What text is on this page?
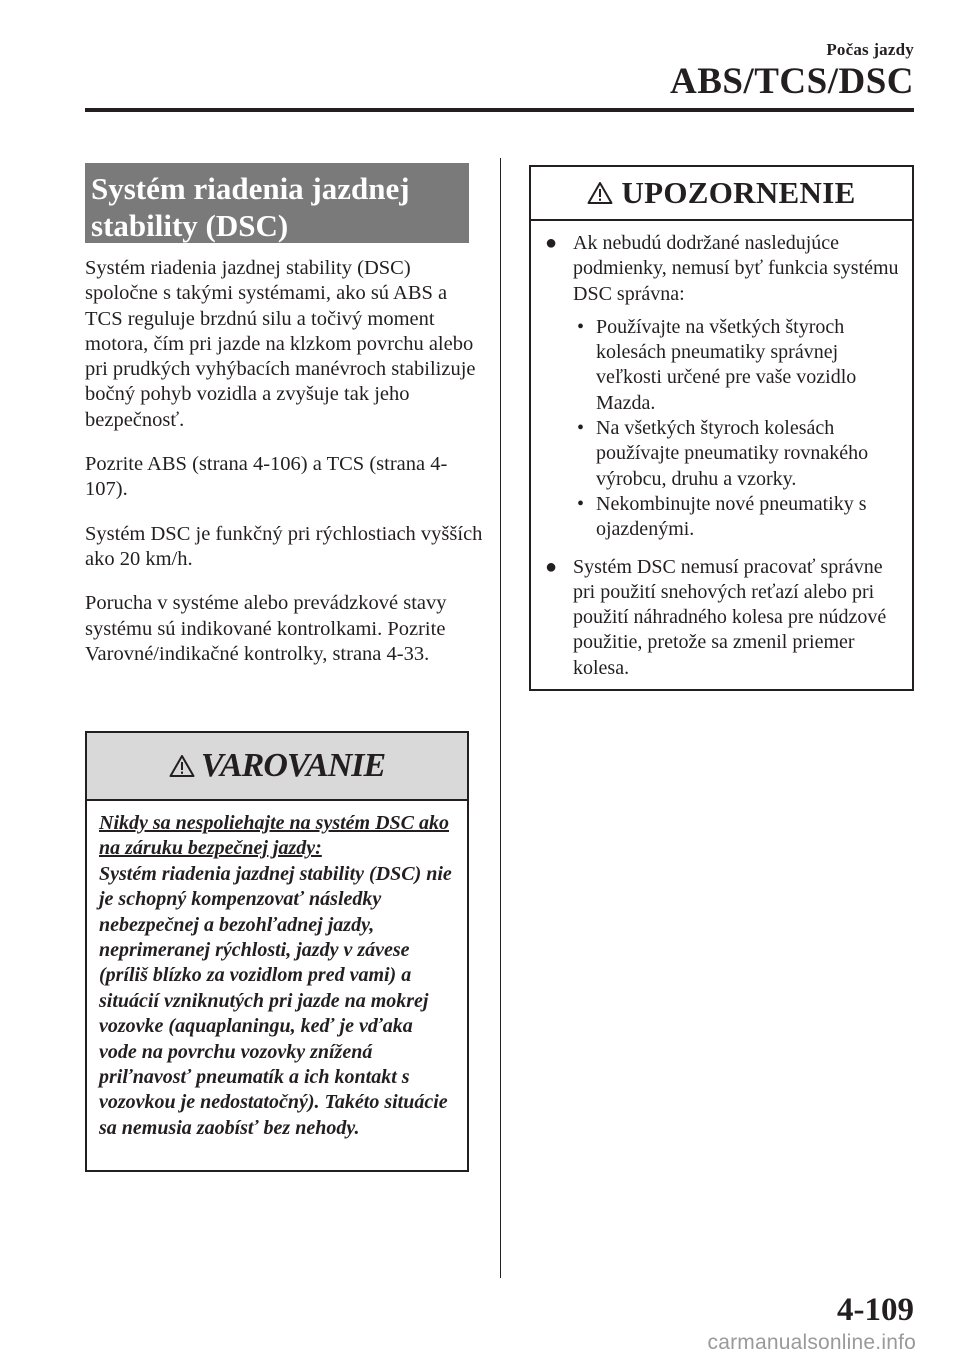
Počas jazdy
ABS/TCS/DSC
Systém riadenia jazdnej
stability (DSC)

Systém riadenia jazdnej stability (DSC) spoločne s takými systémami, ako sú ABS a TCS reguluje brzdnú silu a točivý moment motora, čím pri jazde na klzkom povrchu alebo pri prudkých vyhýbacích manévroch stabilizuje bočný pohyb vozidla a zvyšuje tak jeho bezpečnosť.

Pozrite ABS (strana 4-106) a TCS (strana 4-107).

Systém DSC je funkčný pri rýchlostiach vyšších ako 20 km/h.

Porucha v systéme alebo prevádzkové stavy systému sú indikované kontrolkami. Pozrite Varovné/indikačné kontrolky, strana 4-33.

VAROVANIE
Nikdy sa nespoliehajte na systém DSC ako na záruku bezpečnej jazdy:
Systém riadenia jazdnej stability (DSC) nie je schopný kompenzovať následky nebezpečnej a bezohľadnej jazdy, neprimeranej rýchlosti, jazdy v závese (príliš blízko za vozidlom pred vami) a situácií vzniknutých pri jazde na mokrej vozovke (aquaplaningu, keď je vďaka vode na povrchu vozovky znížená priľnavosť pneumatík a ich kontakt s vozovkou je nedostatočný). Takéto situácie sa nemusia zaobísť bez nehody.
UPOZORNENIE
● Ak nebudú dodržané nasledujúce podmienky, nemusí byť funkcia systému DSC správna:
• Používajte na všetkých štyroch kolesách pneumatiky správnej veľkosti určené pre vaše vozidlo Mazda.
• Na všetkých štyroch kolesách používajte pneumatiky rovnakého výrobcu, druhu a vzorky.
• Nekombinujte nové pneumatiky s ojazdenými.
● Systém DSC nemusí pracovať správne pri použití snehových reťazí alebo pri použití náhradného kolesa pre núdzové použitie, pretože sa zmenil priemer kolesa.
4-109
carmanualsonline.info
